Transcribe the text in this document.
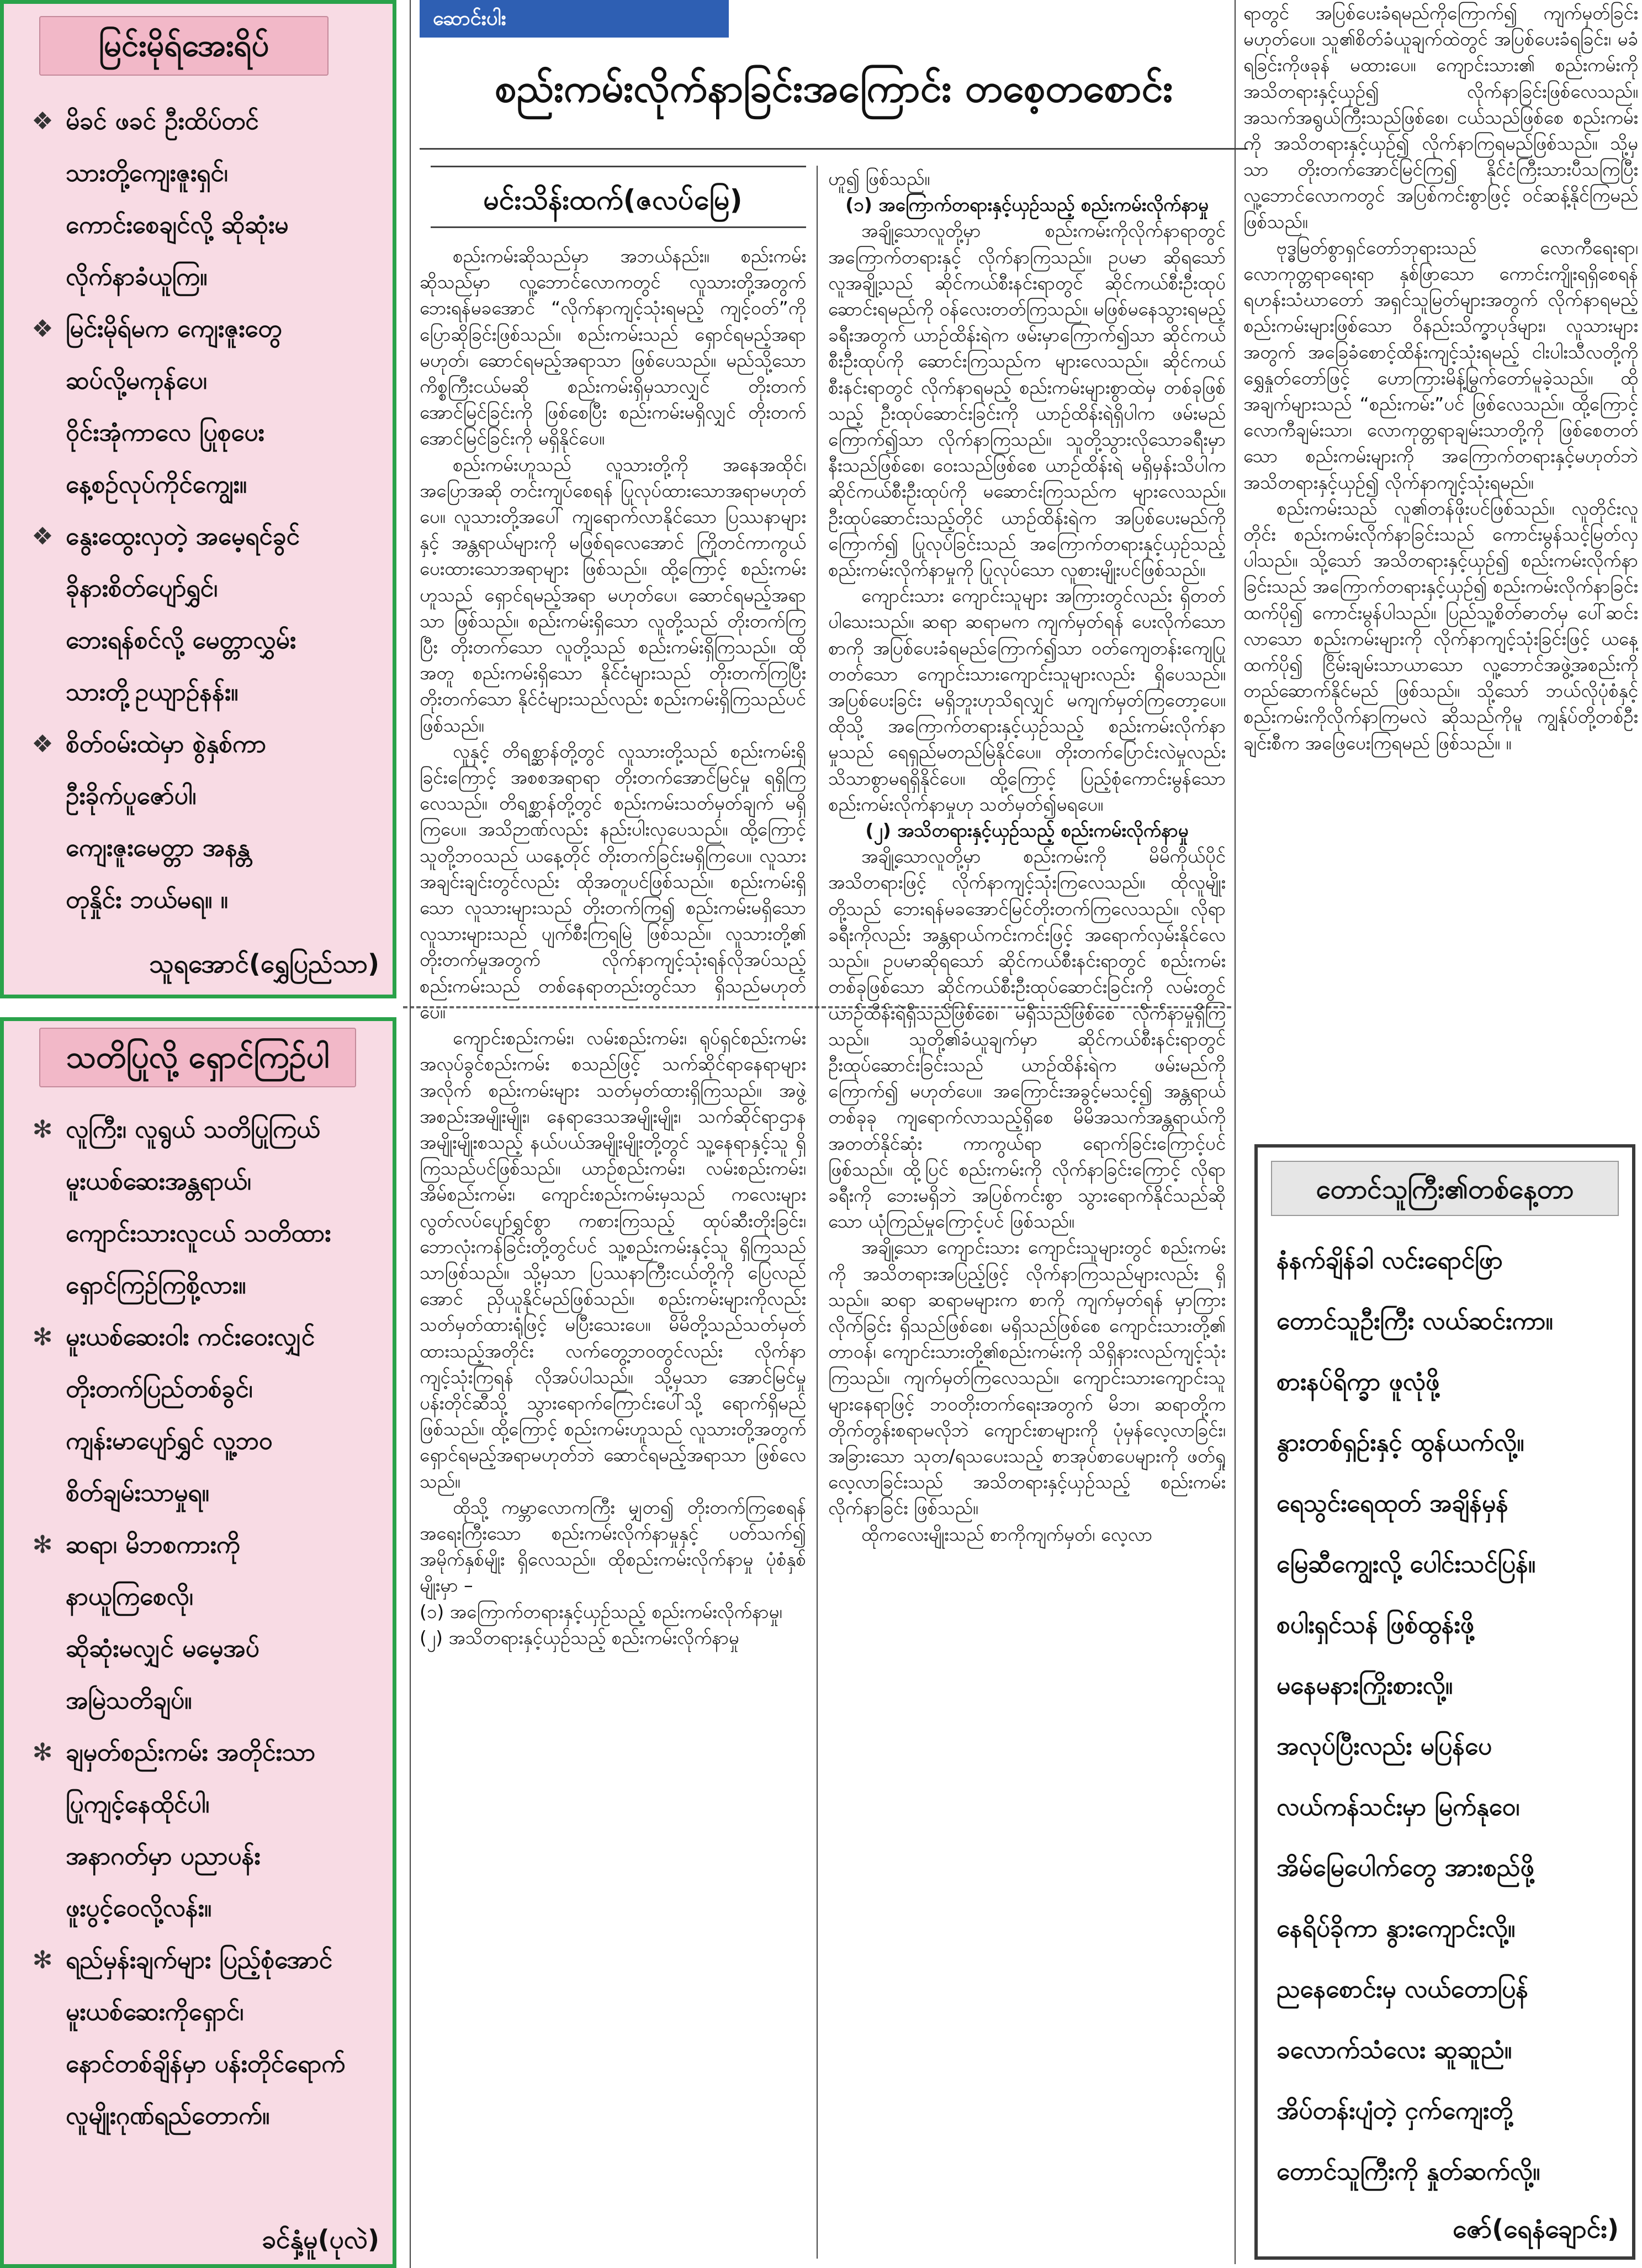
မြင်းမိုရ်အေးရိပ်

❖ မိခင် ဖခင် ဦးထိပ်တင်

သားတို့ကျေးဇူးရှင်၊

ကောင်းစေချင်လို့ ဆိုဆုံးမ

လိုက်နာခံယူကြ။

❖ မြင်းမိုရ်မက ကျေးဇူးတွေ

ဆပ်လို့မကုန်ပေ၊

ဝိုင်းအုံကာလေ ပြုစုပေး

နေ့စဉ်လုပ်ကိုင်ကျွေး။

❖ နွေးထွေးလှတဲ့ အမေ့ရင်ခွင်

ခိုနားစိတ်ပျော်ရွှင်၊

ဘေးရန်စင်လို့ မေတ္တာလွှမ်း

သားတို့ဥယျာဉ်နန်း။

❖ စိတ်ဝမ်းထဲမှာ စွဲနှစ်ကာ

ဦးခိုက်ပူဇော်ပါ၊

ကျေးဇူးမေတ္တာ အနန္တ

တုနှိုင်း ဘယ်မရ။ ။

သူရအောင်(ရွှေပြည်သာ)
သတိပြုလို့ ရှောင်ကြဉ်ပါ

✻ လူကြီး၊ လူရွယ် သတိပြုကြယ်

မူးယစ်ဆေးအန္တရာယ်၊

ကျောင်းသားလူငယ် သတိထား

ရှောင်ကြဉ်ကြစို့လား။

✻ မူးယစ်ဆေးဝါး ကင်းဝေးလျှင်

တိုးတက်ပြည်တစ်ခွင်၊

ကျန်းမာပျော်ရွှင် လူ့ဘဝ

စိတ်ချမ်းသာမှုရ။

✻ ဆရာ၊ မိဘစကားကို

နာယူကြစေလို၊

ဆိုဆုံးမလျှင် မမေ့အပ်

အမြဲသတိချပ်။

✻ ချမှတ်စည်းကမ်း အတိုင်းသာ

ပြုကျင့်နေထိုင်ပါ၊

အနာဂတ်မှာ ပညာပန်း

ဖူးပွင့်ဝေလို့လန်း။

✻ ရည်မှန်းချက်များ ပြည့်စုံအောင်

မူးယစ်ဆေးကိုရှောင်၊

နောင်တစ်ချိန်မှာ ပန်းတိုင်ရောက်

လူမျိုးဂုဏ်ရည်တောက်။

ခင်နှံ့မူ(ပုလဲ)
ဆောင်းပါး
စည်းကမ်းလိုက်နာခြင်းအကြောင်း တစေ့တစောင်း
မင်းသိန်းထက်(ဇလပ်မြေ)

စည်းကမ်းဆိုသည်မှာ အဘယ်နည်း။ စည်းကမ်းဆိုသည်မှာ လူ့ဘောင်လောကတွင် လူသားတို့အတွက် ဘေးရန်မခအောင် “လိုက်နာကျင့်သုံးရမည့် ကျင့်ဝတ်”ကို ပြောဆိုခြင်းဖြစ်သည်။ စည်းကမ်းသည် ရှောင်ရမည့်အရာမဟုတ်၊ ဆောင်ရမည့်အရာသာ ဖြစ်ပေသည်။ မည်သို့သော ကိစ္စကြီးငယ်မဆို စည်းကမ်းရှိမှသာလျှင် တိုးတက်အောင်မြင်ခြင်းကို ဖြစ်စေပြီး စည်းကမ်းမရှိလျှင် တိုးတက်အောင်မြင်ခြင်းကို မရှိနိုင်ပေ။

စည်းကမ်းဟူသည် လူသားတို့ကို အနေအထိုင်၊ အပြောအဆို တင်းကျပ်စေရန် ပြုလုပ်ထားသောအရာမဟုတ်ပေ။ လူသားတို့အပေါ် ကျရောက်လာနိုင်သော ပြဿနာများနှင့် အန္တရာယ်များကို မဖြစ်ရလေအောင် ကြိုတင်ကာကွယ်ပေးထားသောအရာများ ဖြစ်သည်။ ထို့ကြောင့် စည်းကမ်းဟူသည် ရှောင်ရမည့်အရာ မဟုတ်ပေ၊ ဆောင်ရမည့်အရာသာ ဖြစ်သည်။ စည်းကမ်းရှိသော လူတို့သည် တိုးတက်ကြပြီး တိုးတက်သော လူတို့သည် စည်းကမ်းရှိကြသည်။ ထိုအတူ စည်းကမ်းရှိသော နိုင်ငံများသည် တိုးတက်ကြပြီး တိုးတက်သော နိုင်ငံများသည်လည်း စည်းကမ်းရှိကြသည်ပင် ဖြစ်သည်။

လူနှင့် တိရစ္ဆာန်တို့တွင် လူသားတို့သည် စည်းကမ်းရှိခြင်းကြောင့် အစစအရာရာ တိုးတက်အောင်မြင်မှု ရရှိကြလေသည်။ တိရစ္ဆာန်တို့တွင် စည်းကမ်းသတ်မှတ်ချက် မရှိကြပေ။ အသိဉာဏ်လည်း နည်းပါးလှပေသည်။ ထို့ကြောင့် သူတို့ဘဝသည် ယနေ့တိုင် တိုးတက်ခြင်းမရှိကြပေ။ လူသားအချင်းချင်းတွင်လည်း ထိုအတူပင်ဖြစ်သည်။ စည်းကမ်းရှိသော လူသားများသည် တိုးတက်ကြ၍ စည်းကမ်းမရှိသော လူသားများသည် ပျက်စီးကြရမြဲ ဖြစ်သည်။ လူသားတို့၏ တိုးတက်မှုအတွက် လိုက်နာကျင့်သုံးရန်လိုအပ်သည့် စည်းကမ်းသည် တစ်နေရာတည်းတွင်သာ ရှိသည်မဟုတ်ပေ။

ကျောင်းစည်းကမ်း၊ လမ်းစည်းကမ်း၊ ရုပ်ရှင်စည်းကမ်း အလုပ်ခွင်စည်းကမ်း စသည်ဖြင့် သက်ဆိုင်ရာနေရာများအလိုက် စည်းကမ်းများ သတ်မှတ်ထားရှိကြသည်။ အဖွဲ့အစည်းအမျိုးမျိုး၊ နေရာဒေသအမျိုးမျိုး၊ သက်ဆိုင်ရာဌာနအမျိုးမျိုးစသည့် နယ်ပယ်အမျိုးမျိုးတို့တွင် သူ့နေရာနှင့်သူ ရှိကြသည်ပင်ဖြစ်သည်။ ယာဉ်စည်းကမ်း၊ လမ်းစည်းကမ်း၊ အိမ်စည်းကမ်း၊ ကျောင်းစည်းကမ်းမှသည် ကလေးများ လွတ်လပ်ပျော်ရွှင်စွာ ကစားကြသည့် ထုပ်ဆီးတိုးခြင်း၊ ဘောလုံးကန်ခြင်းတို့တွင်ပင် သူ့စည်းကမ်းနှင့်သူ ရှိကြသည်သာဖြစ်သည်။ သို့မှသာ ပြဿနာကြီးငယ်တို့ကို ပြေလည်အောင် ညှိယူနိုင်မည်ဖြစ်သည်။ စည်းကမ်းများကိုလည်း သတ်မှတ်ထားရုံဖြင့် မပြီးသေးပေ။ မိမိတို့သည်သတ်မှတ်ထားသည့်အတိုင်း လက်တွေ့ဘဝတွင်လည်း လိုက်နာကျင့်သုံးကြရန် လိုအပ်ပါသည်။ သို့မှသာ အောင်မြင်မှုပန်းတိုင်ဆီသို့ သွားရောက်ကြောင်းပေါ်သို့ ရောက်ရှိမည်ဖြစ်သည်။ ထို့ကြောင့် စည်းကမ်းဟူသည် လူသားတို့အတွက် ရှောင်ရမည့်အရာမဟုတ်ဘဲ ဆောင်ရမည့်အရာသာ ဖြစ်လေသည်။

ထိုသို့ ကမ္ဘာလောကကြီး မျှတ၍ တိုးတက်ကြစေရန် အရေးကြီးသော စည်းကမ်းလိုက်နာမှုနှင့် ပတ်သက်၍ အမိုက်နှစ်မျိုး ရှိလေသည်။ ထိုစည်းကမ်းလိုက်နာမှု ပုံစံနှစ်မျိုးမှာ –

(၁) အကြောက်တရားနှင့်ယှဉ်သည့် စည်းကမ်းလိုက်နာမှု၊

(၂) အသိတရားနှင့်ယှဉ်သည့် စည်းကမ်းလိုက်နာမှု

ဟူ၍ ဖြစ်သည်။

(၁) အကြောက်တရားနှင့်ယှဉ်သည့် စည်းကမ်းလိုက်နာမှု

အချို့သောလူတို့မှာ စည်းကမ်းကိုလိုက်နာရာတွင် အကြောက်တရားနှင့် လိုက်နာကြသည်။ ဥပမာ ဆိုရသော် လူအချို့သည် ဆိုင်ကယ်စီးနင်းရာတွင် ဆိုင်ကယ်စီးဦးထုပ် ဆောင်းရမည်ကို ဝန်လေးတတ်ကြသည်။ မဖြစ်မနေသွားရမည့် ခရီးအတွက် ယာဉ်ထိန်းရဲက ဖမ်းမှာကြောက်၍သာ ဆိုင်ကယ်စီးဦးထုပ်ကို ဆောင်းကြသည်က များလေသည်။ ဆိုင်ကယ်စီးနင်းရာတွင် လိုက်နာရမည့် စည်းကမ်းများစွာထဲမှ တစ်ခုဖြစ်သည့် ဦးထုပ်ဆောင်းခြင်းကို ယာဉ်ထိန်းရဲရှိပါက ဖမ်းမည်ကြောက်၍သာ လိုက်နာကြသည်။ သူတို့သွားလိုသောခရီးမှာ နီးသည်ဖြစ်စေ၊ ဝေးသည်ဖြစ်စေ ယာဉ်ထိန်းရဲ မရှိမှန်းသိပါက ဆိုင်ကယ်စီးဦးထုပ်ကို မဆောင်းကြသည်က များလေသည်။ ဦးထုပ်ဆောင်းသည့်တိုင် ယာဉ်ထိန်းရဲက အပြစ်ပေးမည်ကိုကြောက်၍ ပြုလုပ်ခြင်းသည် အကြောက်တရားနှင့်ယှဉ်သည့် စည်းကမ်းလိုက်နာမှုကို ပြုလုပ်သော လူစားမျိုးပင်ဖြစ်သည်။

ကျောင်းသား ကျောင်းသူများ အကြားတွင်လည်း ရှိတတ်ပါသေးသည်။ ဆရာ ဆရာမက ကျက်မှတ်ရန် ပေးလိုက်သောစာကို အပြစ်ပေးခံရမည်ကြောက်၍သာ ဝတ်ကျေတန်းကျေပြုတတ်သော ကျောင်းသားကျောင်းသူများလည်း ရှိပေသည်။ အပြစ်ပေးခြင်း မရှိဘူးဟုသိရလျှင် မကျက်မှတ်ကြတော့ပေ။ ထိုသို့ အကြောက်တရားနှင့်ယှဉ်သည့် စည်းကမ်းလိုက်နာမှုသည် ရေရှည်မတည်မြဲနိုင်ပေ။ တိုးတက်ပြောင်းလဲမှုလည်း သိသာစွာမရရှိနိုင်ပေ။ ထို့ကြောင့် ပြည့်စုံကောင်းမွန်သော စည်းကမ်းလိုက်နာမှုဟု သတ်မှတ်၍မရပေ။

(၂) အသိတရားနှင့်ယှဉ်သည့် စည်းကမ်းလိုက်နာမှု

အချို့သောလူတို့မှာ စည်းကမ်းကို မိမိကိုယ်ပိုင် အသိတရားဖြင့် လိုက်နာကျင့်သုံးကြလေသည်။ ထိုလူမျိုးတို့သည် ဘေးရန်မခအောင်မြင်တိုးတက်ကြလေသည်။ လိုရာခရီးကိုလည်း အန္တရာယ်ကင်းကင်းဖြင့် အရောက်လှမ်းနိုင်လေသည်။ ဥပမာဆိုရသော် ဆိုင်ကယ်စီးနင်းရာတွင် စည်းကမ်းတစ်ခုဖြစ်သော ဆိုင်ကယ်စီးဦးထုပ်ဆောင်းခြင်းကို လမ်းတွင် ယာဉ်ထိန်းရဲရှိသည်ဖြစ်စေ၊ မရှိသည်ဖြစ်စေ လိုက်နာမှုရှိကြသည်။ သူတို့၏ခံယူချက်မှာ ဆိုင်ကယ်စီးနင်းရာတွင် ဦးထုပ်ဆောင်းခြင်းသည် ယာဉ်ထိန်းရဲက ဖမ်းမည်ကိုကြောက်၍ မဟုတ်ပေ။ အကြောင်းအခွင့်မသင့်၍ အန္တရာယ်တစ်ခုခု ကျရောက်လာသည့်ရှိစေ မိမိအသက်အန္တရာယ်ကို အတတ်နိုင်ဆုံး ကာကွယ်ရာ ရောက်ခြင်းကြောင့်ပင် ဖြစ်သည်။ ထို့ပြင် စည်းကမ်းကို လိုက်နာခြင်းကြောင့် လိုရာခရီးကို ဘေးမရှိဘဲ အပြစ်ကင်းစွာ သွားရောက်နိုင်သည်ဆိုသော ယုံကြည်မှုကြောင့်ပင် ဖြစ်သည်။

အချို့သော ကျောင်းသား ကျောင်းသူများတွင် စည်းကမ်းကို အသိတရားအပြည့်ဖြင့် လိုက်နာကြသည်များလည်း ရှိသည်။ ဆရာ ဆရာမများက စာကို ကျက်မှတ်ရန် မှာကြားလိုက်ခြင်း ရှိသည်ဖြစ်စေ၊ မရှိသည်ဖြစ်စေ ကျောင်းသားတို့၏ တာဝန်၊ ကျောင်းသားတို့၏စည်းကမ်းကို သိရှိနားလည်ကျင့်သုံးကြသည်။ ကျက်မှတ်ကြလေသည်။ ကျောင်းသားကျောင်းသူများနေရာဖြင့် ဘဝတိုးတက်ရေးအတွက် မိဘ၊ ဆရာတို့က တိုက်တွန်းစရာမလိုဘဲ ကျောင်းစာများကို ပုံမှန်လေ့လာခြင်း၊ အခြားသော သုတ/ရသပေးသည့် စာအုပ်စာပေများကို ဖတ်ရှုလေ့လာခြင်းသည် အသိတရားနှင့်ယှဉ်သည့် စည်းကမ်းလိုက်နာခြင်း ဖြစ်သည်။

ထိုကလေးမျိုးသည် စာကိုကျက်မှတ်၊ လေ့လာ

ရာတွင် အပြစ်ပေးခံရမည်ကိုကြောက်၍ ကျက်မှတ်ခြင်းမဟုတ်ပေ။ သူ၏စိတ်ခံယူချက်ထဲတွင် အပြစ်ပေးခံရခြင်း၊ မခံရခြင်းကိုဖခုန် မထားပေ။ ကျောင်းသား၏ စည်းကမ်းကို အသိတရားနှင့်ယှဉ်၍ လိုက်နာခြင်းဖြစ်လေသည်။ အသက်အရွယ်ကြီးသည်ဖြစ်စေ၊ ငယ်သည်ဖြစ်စေ စည်းကမ်းကို အသိတရားနှင့်ယှဉ်၍ လိုက်နာကြရမည်ဖြစ်သည်။ သို့မှသာ တိုးတက်အောင်မြင်ကြ၍ နိုင်ငံကြီးသားပီသကြပြီး လူ့ဘောင်လောကတွင် အပြစ်ကင်းစွာဖြင့် ဝင်ဆန့်နိုင်ကြမည် ဖြစ်သည်။

ဗုဒ္ဓမြတ်စွာရှင်တော်ဘုရားသည် လောကီရေးရာ၊ လောကုတ္တရာရေးရာ နှစ်ဖြာသော ကောင်းကျိုးရရှိစေရန် ရဟန်းသံဃာတော် အရှင်သူမြတ်များအတွက် လိုက်နာရမည့် စည်းကမ်းများဖြစ်သော ဝိနည်းသိက္ခာပုဒ်များ၊ လူသားများအတွက် အခြေခံစောင့်ထိန်းကျင့်သုံးရမည့် ငါးပါးသီလတို့ကို ရွှေနှုတ်တော်ဖြင့် ဟောကြားမိန့်မြွက်တော်မူခဲ့သည်။ ထိုအချက်များသည် “စည်းကမ်း”ပင် ဖြစ်လေသည်။ ထို့ကြောင့် လောကီချမ်းသာ၊ လောကုတ္တရာချမ်းသာတို့ကို ဖြစ်စေတတ်သော စည်းကမ်းများကို အကြောက်တရားနှင့်မဟုတ်ဘဲ အသိတရားနှင့်ယှဉ်၍ လိုက်နာကျင့်သုံးရမည်။

စည်းကမ်းသည် လူ၏တန်ဖိုးပင်ဖြစ်သည်။ လူတိုင်းလူတိုင်း စည်းကမ်းလိုက်နာခြင်းသည် ကောင်းမွန်သင့်မြတ်လှပါသည်။ သို့သော် အသိတရားနှင့်ယှဉ်၍ စည်းကမ်းလိုက်နာခြင်းသည် အကြောက်တရားနှင့်ယှဉ်၍ စည်းကမ်းလိုက်နာခြင်းထက်ပို၍ ကောင်းမွန်ပါသည်။ ပြည်သူ့စိတ်ဓာတ်မှ ပေါ်ဆင်းလာသော စည်းကမ်းများကို လိုက်နာကျင့်သုံးခြင်းဖြင့် ယနေ့ထက်ပို၍ ငြိမ်းချမ်းသာယာသော လူ့ဘောင်အဖွဲ့အစည်းကို တည်ဆောက်နိုင်မည် ဖြစ်သည်။ သို့သော် ဘယ်လိုပုံစံနှင့် စည်းကမ်းကိုလိုက်နာကြမလဲ ဆိုသည်ကိုမူ ကျွန်ုပ်တို့တစ်ဦးချင်းစီက အဖြေပေးကြရမည် ဖြစ်သည်။ ။

တောင်သူကြီး၏တစ်နေ့တာ

နံနက်ချိန်ခါ လင်းရောင်ဖြာ

တောင်သူဦးကြီး လယ်ဆင်းကာ။

စားနပ်ရိက္ခာ ဖူလုံဖို့

နွားတစ်ရှဉ်းနှင့် ထွန်ယက်လို့။

ရေသွင်းရေထုတ် အချိန်မှန်

မြေဆီကျွေးလို့ ပေါင်းသင်ပြန်။

စပါးရှင်သန် ဖြစ်ထွန်းဖို့

မနေမနားကြိုးစားလို့။

အလုပ်ပြီးလည်း မပြန်ပေ

လယ်ကန်သင်းမှာ မြက်နုဝေ၊

အိမ်မြေပေါက်တွေ အားစည်ဖို့

နေရိပ်ခိုကာ နွားကျောင်းလို့။

ညနေစောင်းမှ လယ်တောပြန်

ခလောက်သံလေး ဆူဆူညံ။

အိပ်တန်းပျံတဲ့ ငှက်ကျေးတို့

တောင်သူကြီးကို နှုတ်ဆက်လို့။

ဇော်(ရေနံချောင်း)
